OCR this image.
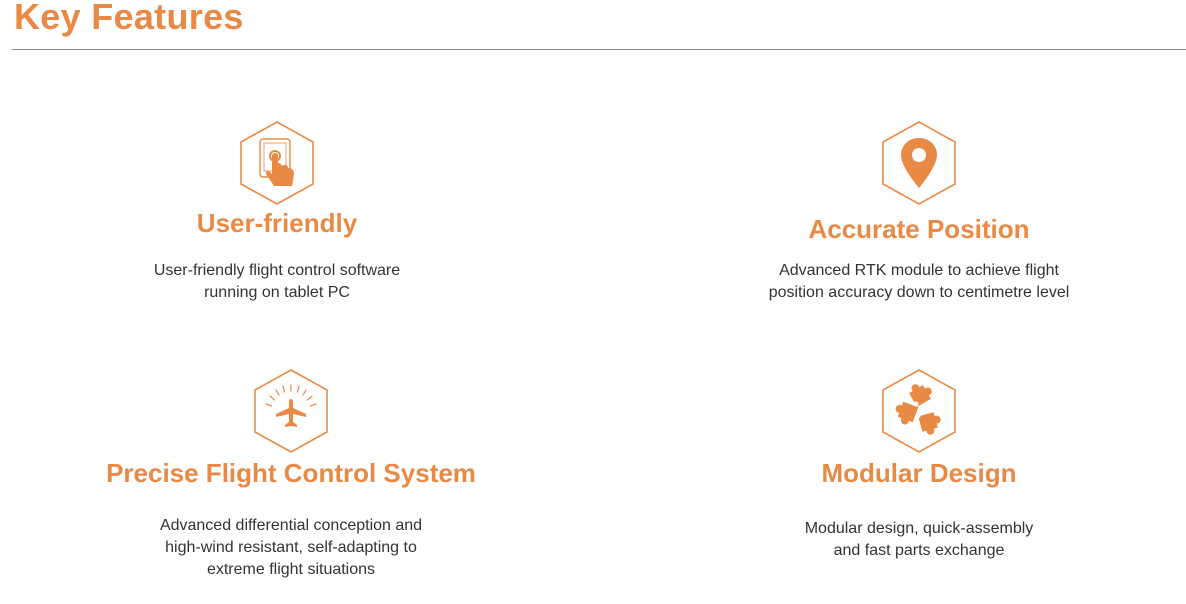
Key Features
User-friendly

User-friendly flight control software
running on tablet PC

Accurate Position

Advanced RTK module to achieve flight
position accuracy down to centimetre level

Precise Flight Control System

Advanced differential conception and
high-wind resistant, self-adapting to
extreme flight situations

Modular Design

Modular design, quick-assembly
and fast parts exchange
